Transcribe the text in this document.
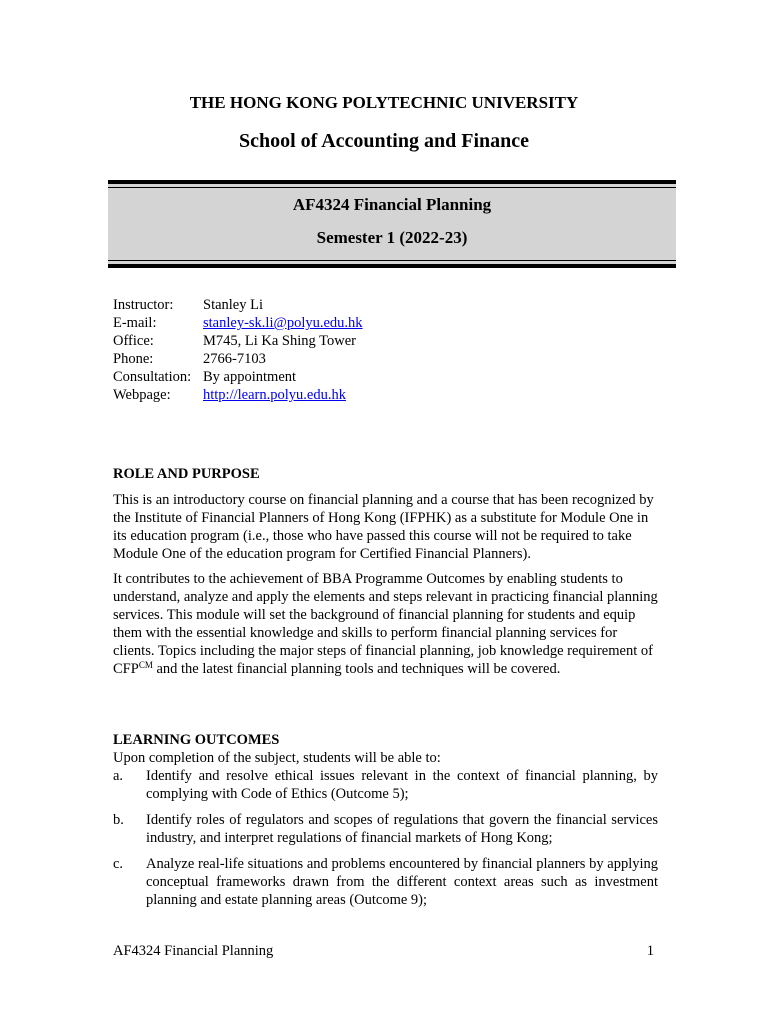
THE HONG KONG POLYTECHNIC UNIVERSITY
School of Accounting and Finance
AF4324 Financial Planning
Semester 1 (2022-23)
Instructor:	Stanley Li
E-mail:	stanley-sk.li@polyu.edu.hk
Office:	M745, Li Ka Shing Tower
Phone:	2766-7103
Consultation: By appointment
Webpage:	http://learn.polyu.edu.hk
ROLE AND PURPOSE

This is an introductory course on financial planning and a course that has been recognized by the Institute of Financial Planners of Hong Kong (IFPHK) as a substitute for Module One in its education program (i.e., those who have passed this course will not be required to take Module One of the education program for Certified Financial Planners).

It contributes to the achievement of BBA Programme Outcomes by enabling students to understand, analyze and apply the elements and steps relevant in practicing financial planning services. This module will set the background of financial planning for students and equip them with the essential knowledge and skills to perform financial planning services for clients. Topics including the major steps of financial planning, job knowledge requirement of $CFP^{CM}$ and the latest financial planning tools and techniques will be covered.

LEARNING OUTCOMES
Upon completion of the subject, students will be able to:
a.	Identify and resolve ethical issues relevant in the context of financial planning, by complying with Code of Ethics (Outcome 5);
b.	Identify roles of regulators and scopes of regulations that govern the financial services industry, and interpret regulations of financial markets of Hong Kong;
c.	Analyze real-life situations and problems encountered by financial planners by applying conceptual frameworks drawn from the different context areas such as investment planning and estate planning areas (Outcome 9);
AF4324 Financial Planning	1
